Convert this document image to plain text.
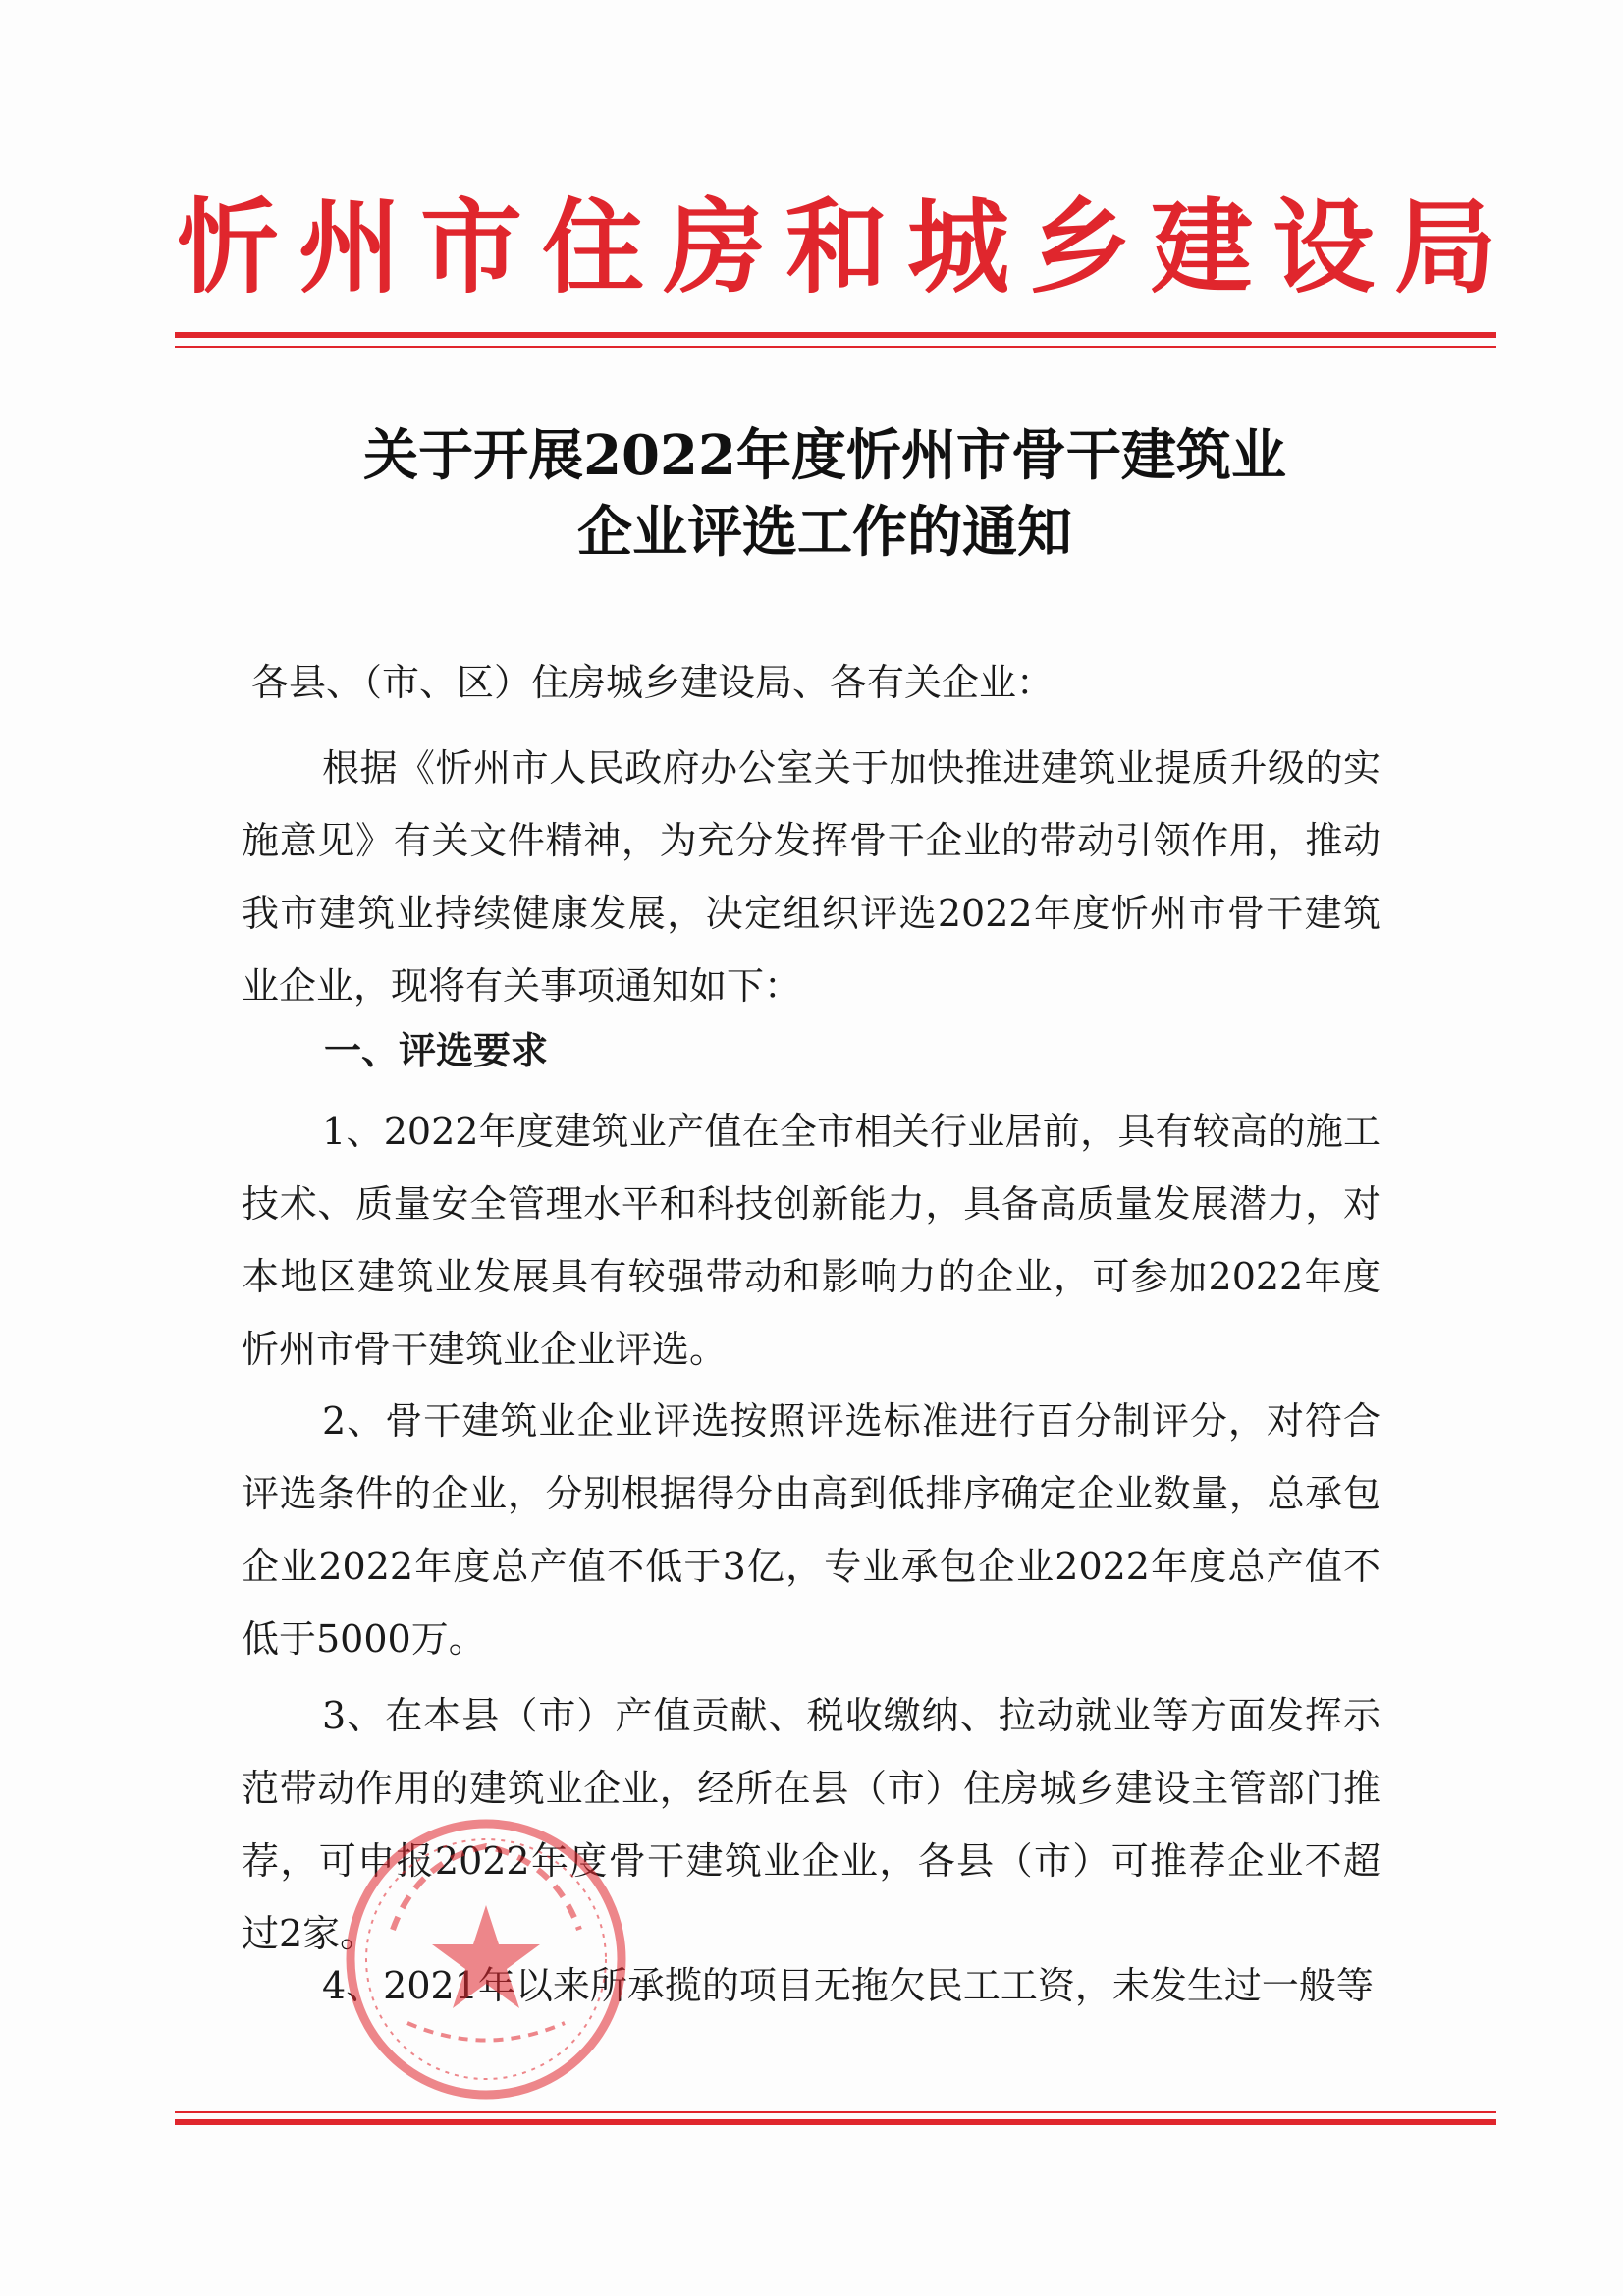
忻州市住房和城乡建设局
关于开展2022年度忻州市骨干建筑业
企业评选工作的通知
各县、（市、区）住房城乡建设局、各有关企业：
根据《忻州市人民政府办公室关于加快推进建筑业提质升级的实施意见》有关文件精神，为充分发挥骨干企业的带动引领作用，推动我市建筑业持续健康发展，决定组织评选2022年度忻州市骨干建筑业企业，现将有关事项通知如下：
一、评选要求
1、2022年度建筑业产值在全市相关行业居前，具有较高的施工技术、质量安全管理水平和科技创新能力，具备高质量发展潜力，对本地区建筑业发展具有较强带动和影响力的企业，可参加2022年度忻州市骨干建筑业企业评选。
2、骨干建筑业企业评选按照评选标准进行百分制评分，对符合评选条件的企业，分别根据得分由高到低排序确定企业数量，总承包企业2022年度总产值不低于3亿，专业承包企业2022年度总产值不低于5000万。
3、在本县（市）产值贡献、税收缴纳、拉动就业等方面发挥示范带动作用的建筑业企业，经所在县（市）住房城乡建设主管部门推荐，可申报2022年度骨干建筑业企业，各县（市）可推荐企业不超过2家。
4、2021年以来所承揽的项目无拖欠民工工资，未发生过一般等
